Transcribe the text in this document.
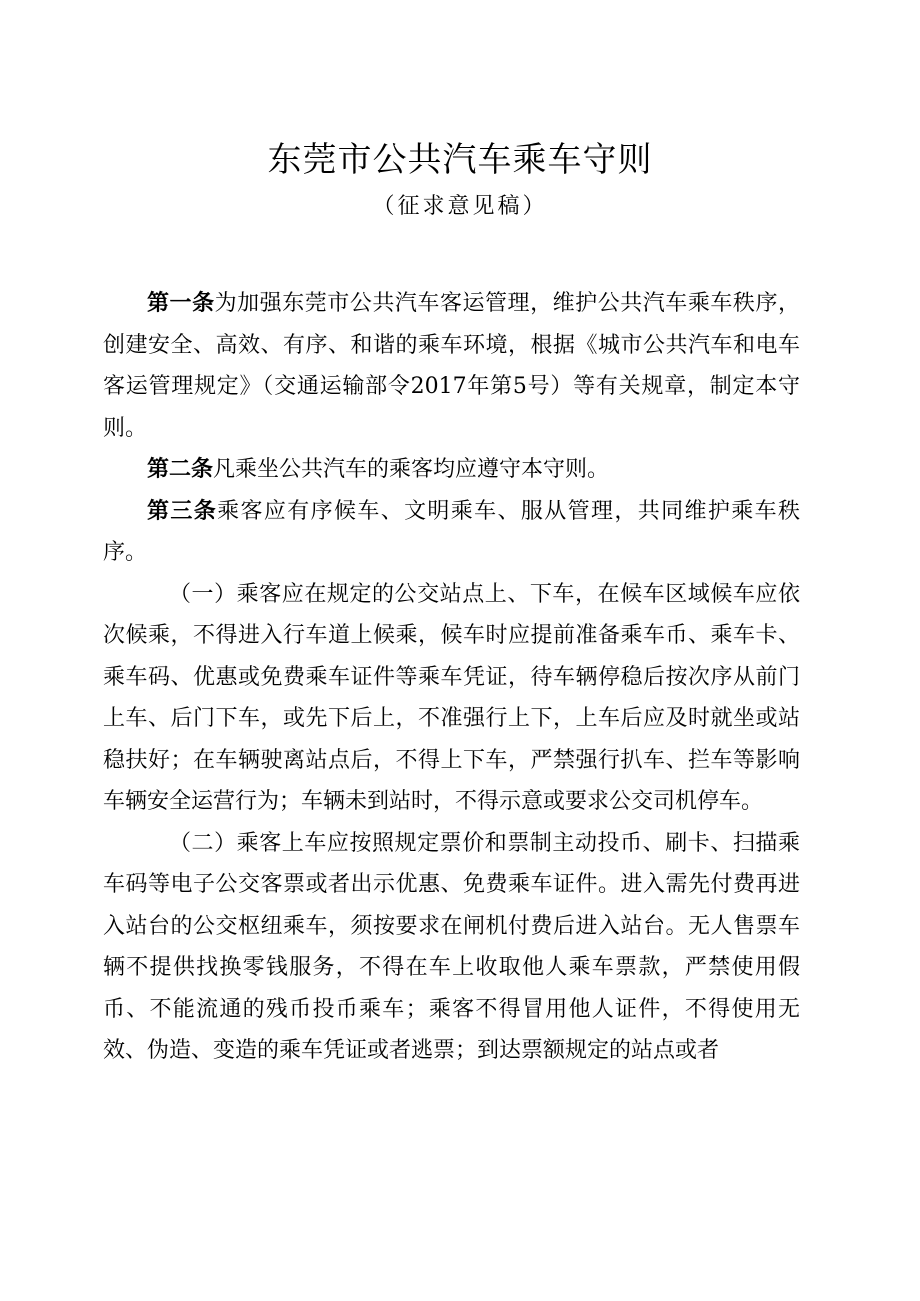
东莞市公共汽车乘车守则
（征求意见稿）

第一条为加强东莞市公共汽车客运管理，维护公共汽车乘车秩序，创建安全、高效、有序、和谐的乘车环境，根据《城市公共汽车和电车客运管理规定》（交通运输部令2017年第5号）等有关规章，制定本守则。

第二条凡乘坐公共汽车的乘客均应遵守本守则。

第三条乘客应有序候车、文明乘车、服从管理，共同维护乘车秩序。

（一）乘客应在规定的公交站点上、下车，在候车区域候车应依次候乘，不得进入行车道上候乘，候车时应提前准备乘车币、乘车卡、乘车码、优惠或免费乘车证件等乘车凭证，待车辆停稳后按次序从前门上车、后门下车，或先下后上，不准强行上下，上车后应及时就坐或站稳扶好；在车辆驶离站点后，不得上下车，严禁强行扒车、拦车等影响车辆安全运营行为；车辆未到站时，不得示意或要求公交司机停车。

（二）乘客上车应按照规定票价和票制主动投币、刷卡、扫描乘车码等电子公交客票或者出示优惠、免费乘车证件。进入需先付费再进入站台的公交枢纽乘车，须按要求在闸机付费后进入站台。无人售票车辆不提供找换零钱服务，不得在车上收取他人乘车票款，严禁使用假币、不能流通的残币投币乘车；乘客不得冒用他人证件，不得使用无效、伪造、变造的乘车凭证或者逃票；到达票额规定的站点或者
